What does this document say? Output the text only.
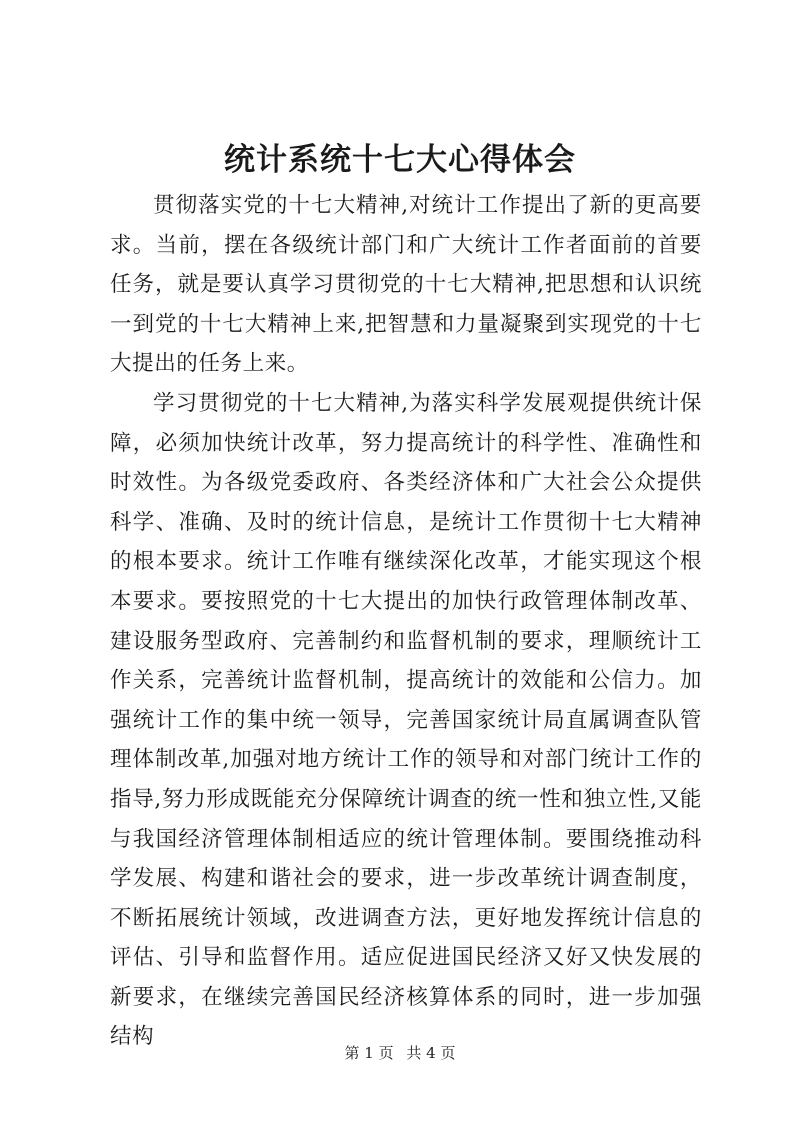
统计系统十七大心得体会

贯彻落实党的十七大精神,对统计工作提出了新的更高要求。当前，摆在各级统计部门和广大统计工作者面前的首要任务，就是要认真学习贯彻党的十七大精神,把思想和认识统一到党的十七大精神上来,把智慧和力量凝聚到实现党的十七大提出的任务上来。

学习贯彻党的十七大精神,为落实科学发展观提供统计保障，必须加快统计改革，努力提高统计的科学性、准确性和时效性。为各级党委政府、各类经济体和广大社会公众提供科学、准确、及时的统计信息，是统计工作贯彻十七大精神的根本要求。统计工作唯有继续深化改革，才能实现这个根本要求。要按照党的十七大提出的加快行政管理体制改革、建设服务型政府、完善制约和监督机制的要求，理顺统计工作关系，完善统计监督机制，提高统计的效能和公信力。加强统计工作的集中统一领导，完善国家统计局直属调查队管理体制改革,加强对地方统计工作的领导和对部门统计工作的指导,努力形成既能充分保障统计调查的统一性和独立性,又能与我国经济管理体制相适应的统计管理体制。要围绕推动科学发展、构建和谐社会的要求，进一步改革统计调查制度，不断拓展统计领域，改进调查方法，更好地发挥统计信息的评估、引导和监督作用。适应促进国民经济又好又快发展的新要求，在继续完善国民经济核算体系的同时，进一步加强结构

第 1 页 共 4 页
